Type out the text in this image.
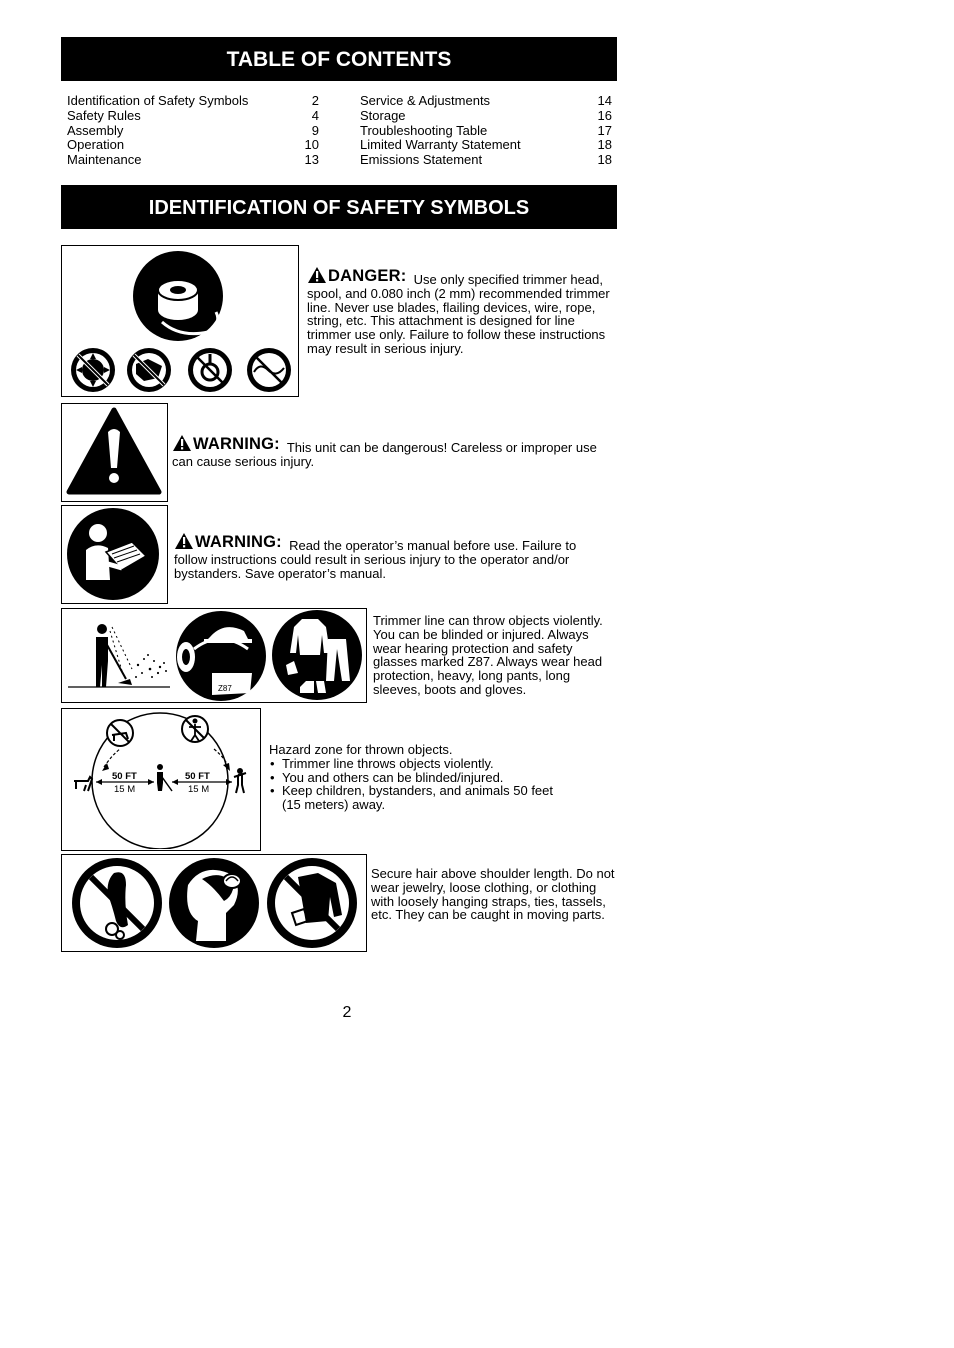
TABLE OF CONTENTS
Identification of Safety Symbols	2
Safety Rules	4
Assembly	9
Operation	10
Maintenance	13
Service & Adjustments	14
Storage	16
Troubleshooting Table	17
Limited Warranty Statement	18
Emissions Statement	18
IDENTIFICATION OF SAFETY SYMBOLS
DANGER: Use only specified trimmer head, spool, and 0.080 inch (2 mm) recommended trimmer line. Never use blades, flailing devices, wire, rope, string, etc. This attachment is designed for line trimmer use only. Failure to follow these instructions may result in serious injury.
WARNING: This unit can be dangerous! Careless or improper use can cause serious injury.
WARNING: Read the operator’s manual before use. Failure to follow instructions could result in serious injury to the operator and/or bystanders. Save operator’s manual.
Z87
Trimmer line can throw objects violently. You can be blinded or injured. Always wear hearing protection and safety glasses marked Z87. Always wear head protection, heavy, long pants, long sleeves, boots and gloves.
50 FT
15 M
50 FT
15 M
Hazard zone for thrown objects.
• Trimmer line throws objects violently.
• You and others can be blinded/injured.
• Keep children, bystanders, and animals 50 feet (15 meters) away.
Secure hair above shoulder length. Do not wear jewelry, loose clothing, or clothing with loosely hanging straps, ties, tassels, etc. They can be caught in moving parts.
2
